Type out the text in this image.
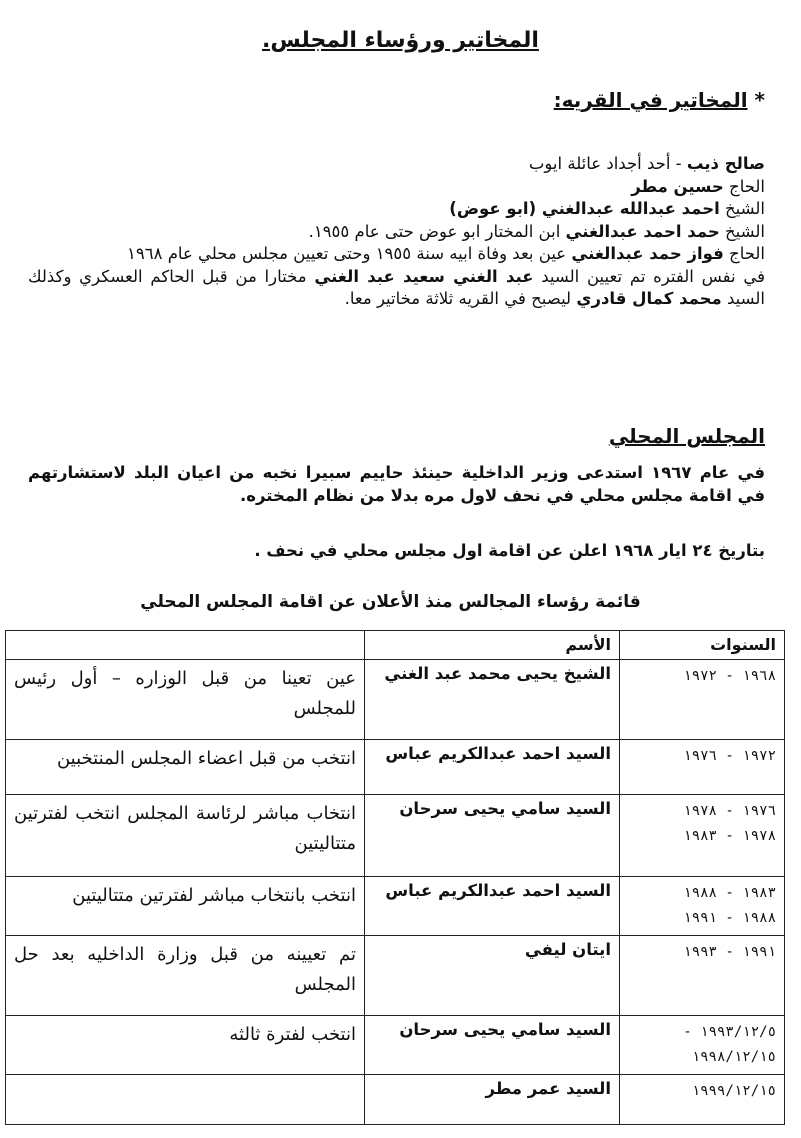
المخاتير ورؤساء المجلس.
* المخاتير في القريه:
صالح ذيب - أحد أجداد عائلة ايوب
الحاج حسين مطر
الشيخ احمد عبدالله عبدالغني (ابو عوض)
الشيخ حمد احمد عبدالغني ابن المختار ابو عوض حتى عام ١٩٥٥.
الحاج فواز حمد عبدالغني عين بعد وفاة ابيه سنة ١٩٥٥ وحتى تعيين مجلس محلي عام ١٩٦٨
في نفس الفتره تم تعيين السيد عبد الغني سعيد عبد الغني مختارا من قبل الحاكم العسكري وكذلك السيد محمد كمال قادري ليصبح في القريه ثلاثة مخاتير معا.
المجلس المحلي
في عام ١٩٦٧ استدعى وزير الداخلية حينئذ حاييم سبيرا نخبه من اعيان البلد لاستشارتهم في اقامة مجلس محلي في نحف لاول مره بدلا من نظام المختره.
بتاريخ ٢٤ ايار ١٩٦٨ اعلن عن اقامة اول مجلس محلي في نحف .
قائمة رؤساء المجالس منذ الأعلان عن اقامة المجلس المحلي
السنوات	الأسم	

١٩٦٨ - ١٩٧٢	الشيخ يحيى محمد عبد الغني	عين تعينا من قبل الوزاره – أول رئيس للمجلس

١٩٧٢ - ١٩٧٦	السيد احمد عبدالكريم عباس	انتخب من قبل اعضاء المجلس المنتخبين

١٩٧٦ - ١٩٧٨
١٩٧٨ - ١٩٨٣	السيد سامي يحيى سرحان	انتخاب مباشر لرئاسة المجلس انتخب لفترتين متتاليتين

١٩٨٣ - ١٩٨٨
١٩٨٨ - ١٩٩١	السيد احمد عبدالكريم عباس	انتخب بانتخاب مباشر لفترتين متتاليتين

١٩٩١ - ١٩٩٣	ايتان ليفي	تم تعيينه من قبل وزارة الداخليه بعد حل المجلس

١٩٩٣/١٢/٥ -
١٩٩٨/١٢/١٥	السيد سامي يحيى سرحان	انتخب لفترة ثالثه

١٩٩٩/١٢/١٥	السيد عمر مطر	
